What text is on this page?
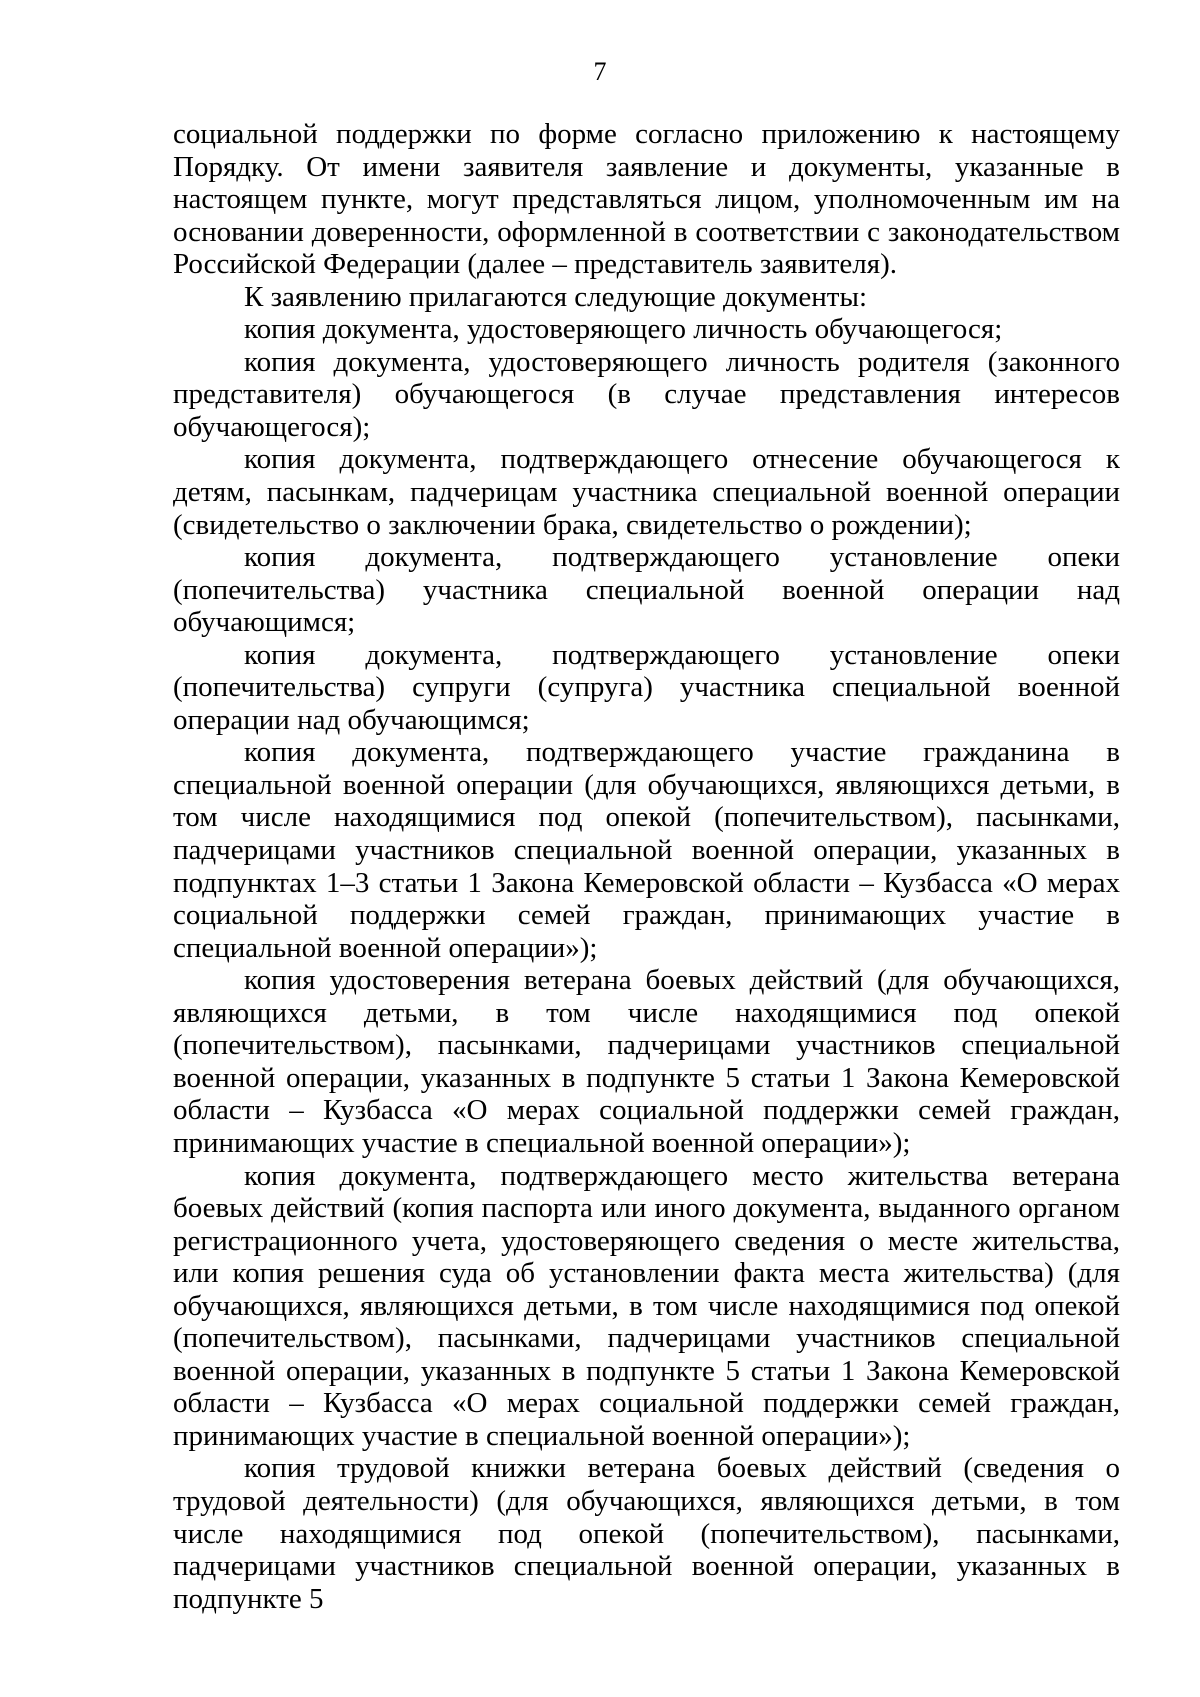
7

социальной поддержки по форме согласно приложению к настоящему Порядку. От имени заявителя заявление и документы, указанные в настоящем пункте, могут представляться лицом, уполномоченным им на основании доверенности, оформленной в соответствии с законодательством Российской Федерации (далее – представитель заявителя).

К заявлению прилагаются следующие документы:

копия документа, удостоверяющего личность обучающегося;

копия документа, удостоверяющего личность родителя (законного представителя) обучающегося (в случае представления интересов обучающегося);

копия документа, подтверждающего отнесение обучающегося к детям, пасынкам, падчерицам участника специальной военной операции (свидетельство о заключении брака, свидетельство о рождении);

копия документа, подтверждающего установление опеки (попечительства) участника специальной военной операции над обучающимся;

копия документа, подтверждающего установление опеки (попечительства) супруги (супруга) участника специальной военной операции над обучающимся;

копия документа, подтверждающего участие гражданина в специальной военной операции (для обучающихся, являющихся детьми, в том числе находящимися под опекой (попечительством), пасынками, падчерицами участников специальной военной операции, указанных в подпунктах 1–3 статьи 1 Закона Кемеровской области – Кузбасса «О мерах социальной поддержки семей граждан, принимающих участие в специальной военной операции»);

копия удостоверения ветерана боевых действий (для обучающихся, являющихся детьми, в том числе находящимися под опекой (попечительством), пасынками, падчерицами участников специальной военной операции, указанных в подпункте 5 статьи 1 Закона Кемеровской области – Кузбасса «О мерах социальной поддержки семей граждан, принимающих участие в специальной военной операции»);

копия документа, подтверждающего место жительства ветерана боевых действий (копия паспорта или иного документа, выданного органом регистрационного учета, удостоверяющего сведения о месте жительства, или копия решения суда об установлении факта места жительства) (для обучающихся, являющихся детьми, в том числе находящимися под опекой (попечительством), пасынками, падчерицами участников специальной военной операции, указанных в подпункте 5 статьи 1 Закона Кемеровской области – Кузбасса «О мерах социальной поддержки семей граждан, принимающих участие в специальной военной операции»);

копия трудовой книжки ветерана боевых действий (сведения о трудовой деятельности) (для обучающихся, являющихся детьми, в том числе находящимися под опекой (попечительством), пасынками, падчерицами участников специальной военной операции, указанных в подпункте 5
